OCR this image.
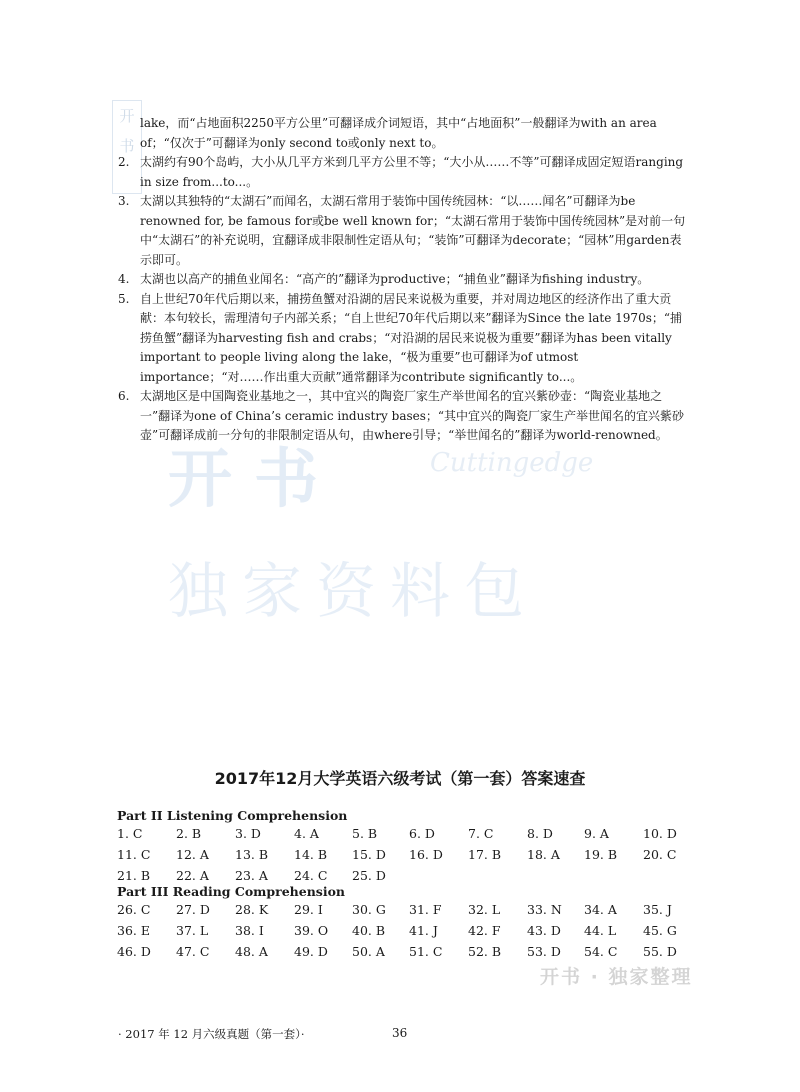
开书
开书	Cuttingedge
独家资料包
开书 · 独家整理
lake，而“占地面积2250平方公里”可翻译成介词短语，其中“占地面积”一般翻译为with an area of；“仅次于”可翻译为only second to或only next to。
2. 太湖约有90个岛屿，大小从几平方米到几平方公里不等；“大小从……不等”可翻译成固定短语ranging in size from...to...。
3. 太湖以其独特的“太湖石”而闻名，太湖石常用于装饰中国传统园林：“以……闻名”可翻译为be renowned for, be famous for或be well known for；“太湖石常用于装饰中国传统园林”是对前一句中“太湖石”的补充说明，宜翻译成非限制性定语从句；“装饰”可翻译为decorate；“园林”用garden表示即可。
4. 太湖也以高产的捕鱼业闻名：“高产的”翻译为productive；“捕鱼业”翻译为fishing industry。
5. 自上世纪70年代后期以来，捕捞鱼蟹对沿湖的居民来说极为重要，并对周边地区的经济作出了重大贡献：本句较长，需理清句子内部关系；“自上世纪70年代后期以来”翻译为Since the late 1970s；“捕捞鱼蟹”翻译为harvesting fish and crabs；“对沿湖的居民来说极为重要”翻译为has been vitally important to people living along the lake，“极为重要”也可翻译为of utmost importance；“对……作出重大贡献”通常翻译为contribute significantly to...。
6. 太湖地区是中国陶瓷业基地之一，其中宜兴的陶瓷厂家生产举世闻名的宜兴紫砂壶：“陶瓷业基地之一”翻译为one of China’s ceramic industry bases；“其中宜兴的陶瓷厂家生产举世闻名的宜兴紫砂壶”可翻译成前一分句的非限制定语从句，由where引导；“举世闻名的”翻译为world-renowned。
2017年12月大学英语六级考试（第一套）答案速查
Part II Listening Comprehension
1. C	2. B	3. D	4. A	5. B	6. D	7. C	8. D 9. A	10. D
11. C 12. A 13. B 14. B 15. D 16. D 17. B 18. A 19. B 20. C
21. B 22. A 23. A 24. C 25. D
Part III Reading Comprehension
26. C 27. D 28. K 29. I 30. G 31. F 32. L 33. N 34. A 35. J
36. E 37. L 38. I 39. O 40. B 41. J 42. F 43. D 44. L 45. G
46. D 47. C 48. A 49. D 50. A 51. C 52. B 53. D 54. C 55. D
· 2017 年 12 月六级真题（第一套）·	36
